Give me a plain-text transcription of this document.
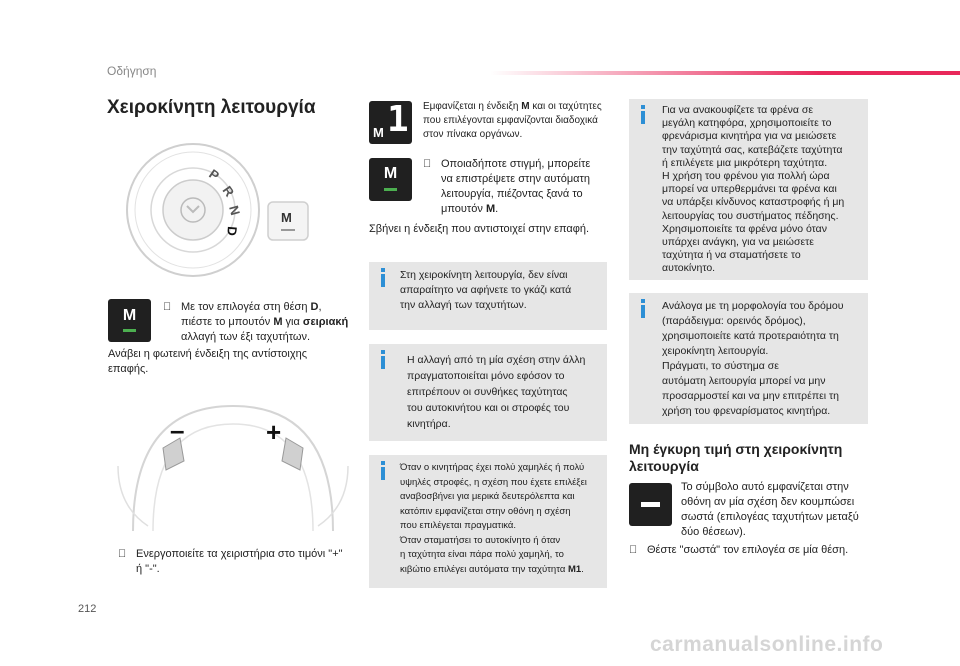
Οδήγηση
Χειροκίνητη λειτουργία
P
R
N
D
M
M	Με τον επιλογέα στη θέση D,
πιέστε το μπουτόν M για σειριακή
αλλαγή των έξι ταχυτήτων.
Ανάβει η φωτεινή ένδειξη της αντίστοιχης επαφής.
–	+
Ενεργοποιείτε τα χειριστήρια στο τιμόνι "+"
ή "-".
M 1 Εμφανίζεται η ένδειξη M και οι ταχύτητες
που επιλέγονται εμφανίζονται διαδοχικά
στον πίνακα οργάνων.
M
Οποιαδήποτε στιγμή, μπορείτε
να επιστρέψετε στην αυτόματη
λειτουργία, πιέζοντας ξανά το
μπουτόν M.
Σβήνει η ένδειξη που αντιστοιχεί στην επαφή.
Στη χειροκίνητη λειτουργία, δεν είναι
απαραίτητο να αφήνετε το γκάζι κατά
την αλλαγή των ταχυτήτων.
Η αλλαγή από τη μία σχέση στην άλλη
πραγματοποιείται μόνο εφόσον το
επιτρέπουν οι συνθήκες ταχύτητας
του αυτοκινήτου και οι στροφές του
κινητήρα.
Όταν ο κινητήρας έχει πολύ χαμηλές ή πολύ
υψηλές στροφές, η σχέση που έχετε επιλέξει
αναβοσβήνει για μερικά δευτερόλεπτα και
κατόπιν εμφανίζεται στην οθόνη η σχέση
που επιλέγεται πραγματικά.
Όταν σταματήσει το αυτοκίνητο ή όταν
η ταχύτητα είναι πάρα πολύ χαμηλή, το
κιβώτιο επιλέγει αυτόματα την ταχύτητα M1.
Για να ανακουφίζετε τα φρένα σε
μεγάλη κατηφόρα, χρησιμοποιείτε το
φρενάρισμα κινητήρα για να μειώσετε
την ταχύτητά σας, κατεβάζετε ταχύτητα
ή επιλέγετε μια μικρότερη ταχύτητα.
Η χρήση του φρένου για πολλή ώρα
μπορεί να υπερθερμάνει τα φρένα και
να υπάρξει κίνδυνος καταστροφής ή μη
λειτουργίας του συστήματος πέδησης.
Χρησιμοποιείτε τα φρένα μόνο όταν
υπάρχει ανάγκη, για να μειώσετε
ταχύτητα ή να σταματήσετε το
αυτοκίνητο.
Ανάλογα με τη μορφολογία του δρόμου
(παράδειγμα: ορεινός δρόμος),
χρησιμοποιείτε κατά προτεραιότητα τη
χειροκίνητη λειτουργία.
Πράγματι, το σύστημα σε
αυτόματη λειτουργία μπορεί να μην
προσαρμοστεί και να μην επιτρέπει τη
χρήση του φρεναρίσματος κινητήρα.
Μη έγκυρη τιμή στη χειροκίνητη
λειτουργία
Το σύμβολο αυτό εμφανίζεται στην
οθόνη αν μία σχέση δεν κουμπώσει
σωστά (επιλογέας ταχυτήτων μεταξύ
δύο θέσεων).
Θέστε "σωστά" τον επιλογέα σε μία θέση.
212
carmanualsonline.info
